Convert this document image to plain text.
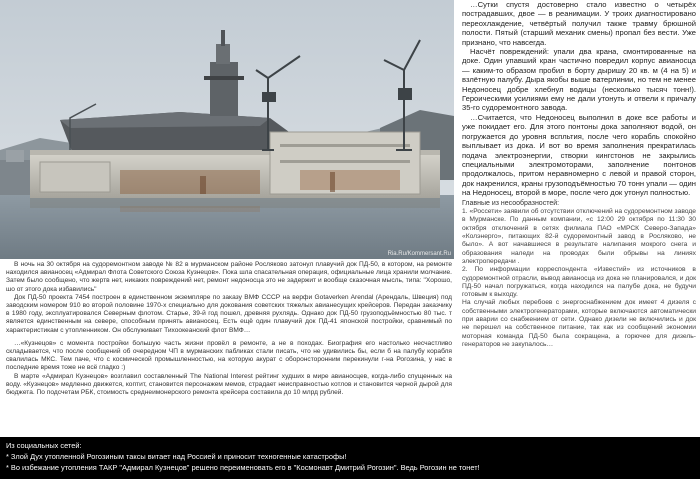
Ria.Ru/Kommersant.Ru

…Сутки спустя достоверно стало известно о четырёх пострадавших, двое — в реанимации. У троих диагностировано переохлаждение, четвёртый получил также травму брюшной полости. Пятый (старший механик смены) пропал без вести. Уже признано, что навсегда.

Насчёт повреждений: упали два крана, смонтированные на доке. Один упавший кран частично повредил корпус авианосца — каким-то образом пробил в борту дыришу 20 кв. м (4 на 5) и взлётную палубу. Дыра якобы выше ватерлинии, но тем не менее Недоносец добре хлебнул водицы (несколько тысяч тонн!). Героическими усилиями ему не дали утонуть и отвели к причалу 35-го судоремонтного завода.

…Считается, что Недоносец выполнил в доке все работы и уже покидает его. Для этого понтоны дока заполняют водой, он погружается до уровня вспльтия, после чего корабль спокойно выплывает из дока. И вот во время заполнения прекратилась подача электроэнергии, створки кингстонов не закрылись специальными электромоторами, заполнение понтонов продолжалось, притом неравномерно с левой и правой сторон, док накренился, краны грузоподъёмностью 70 тонн упали — один на Недоносец, второй в море, после чего док утонул полностью.

Главные из несообразностей:

1. «Россети» заявили об отсутствии отключений на судоремонтном заводе в Мурманске. По данным компании, «с 12:00 29 октября по 11:30 30 октября отключений в сетях филиала ПАО «МРСК Северо-Запада» «Колэнерго», питающих 82-й судоремонтный завод в Росляково, не было». А вот начавшиеся в результате налипания мокрого снега и образования наледи на проводах были обрывы на линиях электропередачи .

2. По информации корреспондента «Известий» из источников в судоремонтной отрасли, вывод авианосца из дока не планировался, и док ПД-50 начал погружаться, когда находился на палубе дока, не будучи готовым к выходу.

На случай любых перебоев с энергоснабжением док имеет 4 дизеля с собственными электрогенераторами, которые включаются автоматически при аварии со снабжением от сети. Однако дизели не включились и док не перешел на собственное питание, так как из сообщений экономии моторная команда ПД-50 была сокращена, а горючее для дизель-генераторов не закупалось…

В ночь на 30 октября на судоремонтном заводе № 82 в мурманском районе Росляково затонул плавучий док ПД-50, в котором, на ремонте находился авианосец «Адмирал Флота Советского Союза Кузнецов». Пока шла спасательная операция, официальные лица хранили молчание. Затем было сообщено, что жертв нет, никаких повреждений нет, ремонт недоносца это не задержит и вообще сказочная мысль, типа: "Хорошо, шо от этого дока избавились"

Док ПД-50 проекта 7454 построен в единственном экземпляре по заказу ВМФ СССР на верфи Gotaverken Arendal (Арендаль, Швеция) под заводским номером 910 во второй половине 1970-х специально для докования советских тяжелых авианесущих крейсеров. Передан заказчику в 1980 году, эксплуатировался Северным флотом. Старье, 39-й год пошел, древняя рухлядь. Однако док ПД-50 грузоподъёмностью 80 тыс. т является единственным на севере, способным принять авианосец. Есть ещё один плавучий док ПД-41 японской постройки, сравнимый по характеристикам с утопленником. Он обслуживает Тихоокеанский флот ВМФ…

…«Кузнецов» с момента постройки большую часть жизни провёл в ремонте, а не в походах. Биография его настолько несчастливо складывается, что после сообщений об очередном ЧП в мурманских пабликах стали писать, что не удивились бы, если б на палубу корабля свалилась МКС. Тем паче, что с космической промышленностью, на которую акурат с оборонсторонним перекинули г-на Рогозина, у нас в последние время тоже не всё гладко :)

В марте «Адмирал Кузнецов» возглавил составленный The National Interest рейтинг худших в мире авианосцев, когда-либо спущенных на воду. «Кузнецов» медленно движется, коптит, становится персонажем мемов, страдает неисправностью котлов и становится черной дырой для бюджета. По подсчетам РБК, стоимость среднеимонерского ремонта крейсера составила до 10 млрд рублей.

Из социальных сетей:
* Злой Дух утопленной Рогозиным таксы витает над Россией и приносит техногенные катастрофы!
* Во избежание утопления ТАКР "Адмирал Кузнецов" решено переименовать его в "Космонавт Дмитрий Рогозин". Ведь Рогозин не тонет!
